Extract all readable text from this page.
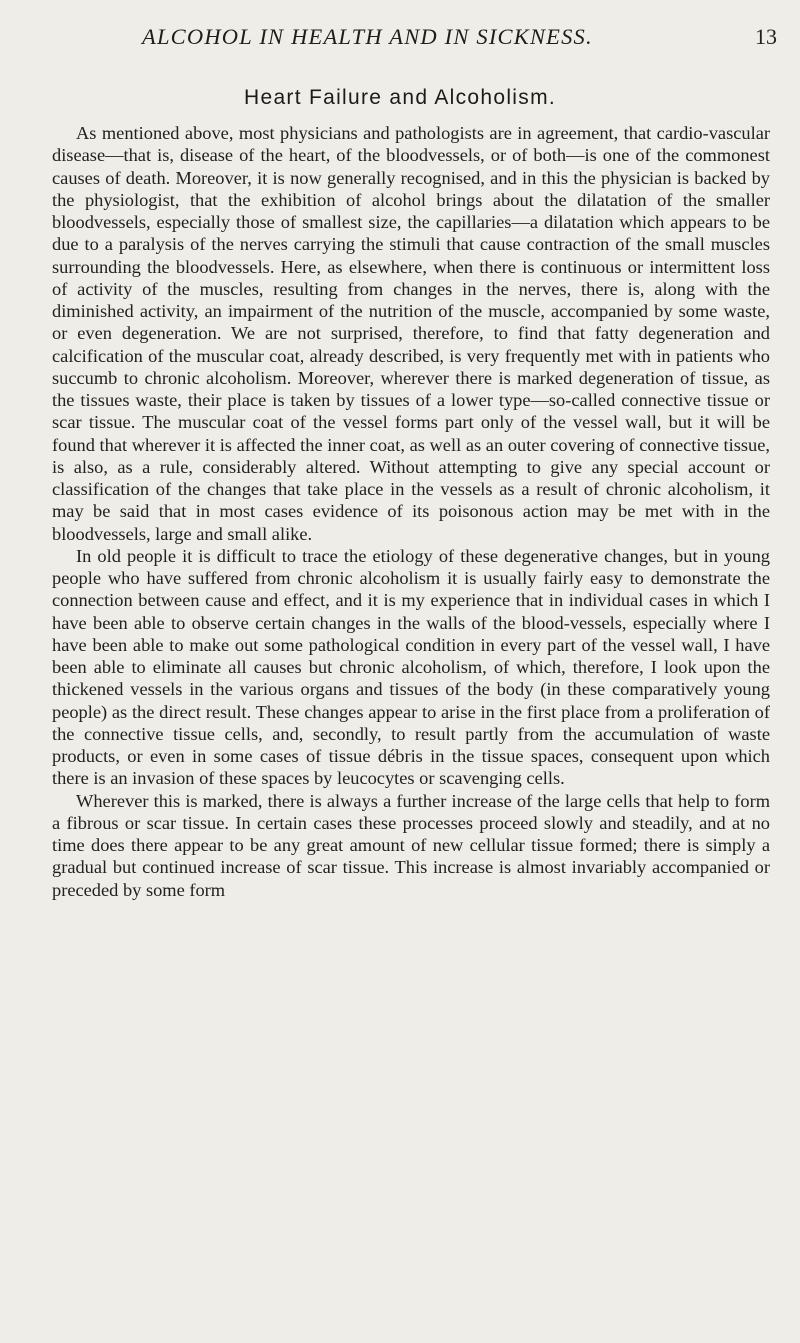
ALCOHOL IN HEALTH AND IN SICKNESS.	13
Heart Failure and Alcoholism.

As mentioned above, most physicians and pathologists are in agreement, that cardio-vascular disease—that is, disease of the heart, of the bloodvessels, or of both—is one of the commonest causes of death. Moreover, it is now generally recognised, and in this the physician is backed by the physiologist, that the exhibition of alcohol brings about the dilatation of the smaller bloodvessels, especially those of smallest size, the capillaries—a dilatation which appears to be due to a paralysis of the nerves carrying the stimuli that cause contraction of the small muscles surrounding the bloodvessels. Here, as elsewhere, when there is continuous or intermittent loss of activity of the muscles, resulting from changes in the nerves, there is, along with the diminished activity, an impairment of the nutrition of the muscle, accompanied by some waste, or even degeneration. We are not surprised, therefore, to find that fatty degeneration and calcification of the muscular coat, already described, is very frequently met with in patients who succumb to chronic alcoholism. Moreover, wherever there is marked degeneration of tissue, as the tissues waste, their place is taken by tissues of a lower type—so-called connective tissue or scar tissue. The muscular coat of the vessel forms part only of the vessel wall, but it will be found that wherever it is affected the inner coat, as well as an outer covering of connective tissue, is also, as a rule, considerably altered. Without attempting to give any special account or classification of the changes that take place in the vessels as a result of chronic alcoholism, it may be said that in most cases evidence of its poisonous action may be met with in the bloodvessels, large and small alike.

In old people it is difficult to trace the etiology of these degenerative changes, but in young people who have suffered from chronic alcoholism it is usually fairly easy to demonstrate the connection between cause and effect, and it is my experience that in individual cases in which I have been able to observe certain changes in the walls of the blood-vessels, especially where I have been able to make out some pathological condition in every part of the vessel wall, I have been able to eliminate all causes but chronic alcoholism, of which, therefore, I look upon the thickened vessels in the various organs and tissues of the body (in these comparatively young people) as the direct result. These changes appear to arise in the first place from a proliferation of the connective tissue cells, and, secondly, to result partly from the accumulation of waste products, or even in some cases of tissue débris in the tissue spaces, consequent upon which there is an invasion of these spaces by leucocytes or scavenging cells.

Wherever this is marked, there is always a further increase of the large cells that help to form a fibrous or scar tissue. In certain cases these processes proceed slowly and steadily, and at no time does there appear to be any great amount of new cellular tissue formed; there is simply a gradual but continued increase of scar tissue. This increase is almost invariably accompanied or preceded by some form
